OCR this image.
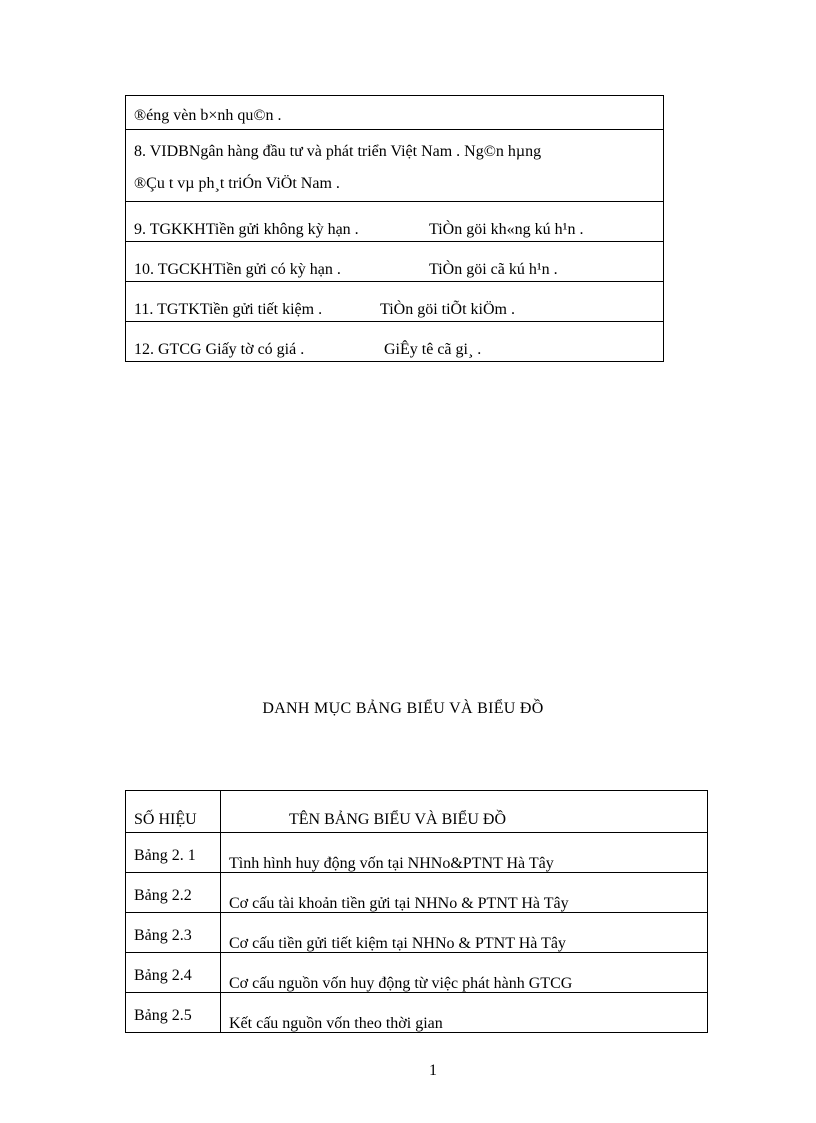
®éng vèn b×nh qu©n .
8. VIDBNgân hàng đầu tư và phát triển Việt Nam . Ng©n hµng
®Çu t vµ ph¸t triÓn ViÖt Nam .
9. TGKKHTiền gửi không kỳ hạn .	TiÒn göi kh«ng kú h¹n .
10. TGCKHTiền gửi có kỳ hạn .	TiÒn göi cã kú h¹n .
11. TGTKTiền gửi tiết kiệm .	TiÒn göi tiÕt kiÖm .
12. GTCG Giấy tờ có giá .	GiÊy tê cã gi¸ .
DANH MỤC BẢNG BIỂU VÀ BIỂU ĐỒ
SỐ HIỆU	TÊN BẢNG BIỂU VÀ BIỂU ĐỒ
Bảng 2. 1	Tình hình huy động vốn tại NHNo&PTNT Hà Tây
Bảng 2.2	Cơ cấu tài khoản tiền gửi tại NHNo & PTNT Hà Tây
Bảng 2.3	Cơ cấu tiền gửi tiết kiệm tại NHNo & PTNT Hà Tây
Bảng 2.4	Cơ cấu nguồn vốn huy động từ việc phát hành GTCG
Bảng 2.5	Kết cấu nguồn vốn theo thời gian
1
